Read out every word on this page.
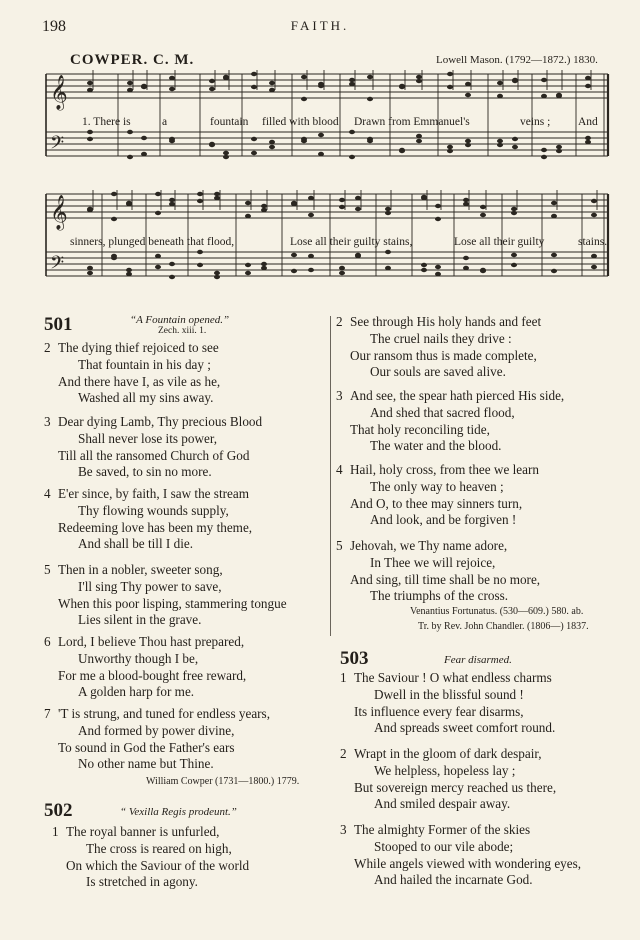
198	FAITH.
COWPER. C. M.	Lowell Mason. (1792—1872.) 1830.
𝄞
𝄢
1. There is	a	fountain filled with blood Drawn from Emmanuel's	veins ; And
𝄞
𝄢
sinners, plunged beneath that flood,	Lose all their guilty stains,	Lose all their guilty	stains.
501	“A Fountain opened.”
Zech. xiii. 1.
2 The dying thief rejoiced to see
That fountain in his day ;
And there have I, as vile as he,
Washed all my sins away.
3 Dear dying Lamb, Thy precious Blood
Shall never lose its power,
Till all the ransomed Church of God
Be saved, to sin no more.
4 E'er since, by faith, I saw the stream
Thy flowing wounds supply,
Redeeming love has been my theme,
And shall be till I die.
5 Then in a nobler, sweeter song,
I'll sing Thy power to save,
When this poor lisping, stammering tongue
Lies silent in the grave.
6 Lord, I believe Thou hast prepared,
Unworthy though I be,
For me a blood-bought free reward,
A golden harp for me.
7 'T is strung, and tuned for endless years,
And formed by power divine,
To sound in God the Father's ears
No other name but Thine.
William Cowper (1731—1800.) 1779.
502	“ Vexilla Regis prodeunt.”
1 The royal banner is unfurled,
The cross is reared on high,
On which the Saviour of the world
Is stretched in agony.
2 See through His holy hands and feet
The cruel nails they drive :
Our ransom thus is made complete,
Our souls are saved alive.
3 And see, the spear hath pierced His side,
And shed that sacred flood,
That holy reconciling tide,
The water and the blood.
4 Hail, holy cross, from thee we learn
The only way to heaven ;
And O, to thee may sinners turn,
And look, and be forgiven !
5 Jehovah, we Thy name adore,
In Thee we will rejoice,
And sing, till time shall be no more,
The triumphs of the cross.
Venantius Fortunatus. (530—609.) 580. ab.
Tr. by Rev. John Chandler. (1806—) 1837.
503	Fear disarmed.
1 The Saviour ! O what endless charms
Dwell in the blissful sound !
Its influence every fear disarms,
And spreads sweet comfort round.
2 Wrapt in the gloom of dark despair,
We helpless, hopeless lay ;
But sovereign mercy reached us there,
And smiled despair away.
3 The almighty Former of the skies
Stooped to our vile abode;
While angels viewed with wondering eyes,
And hailed the incarnate God.
